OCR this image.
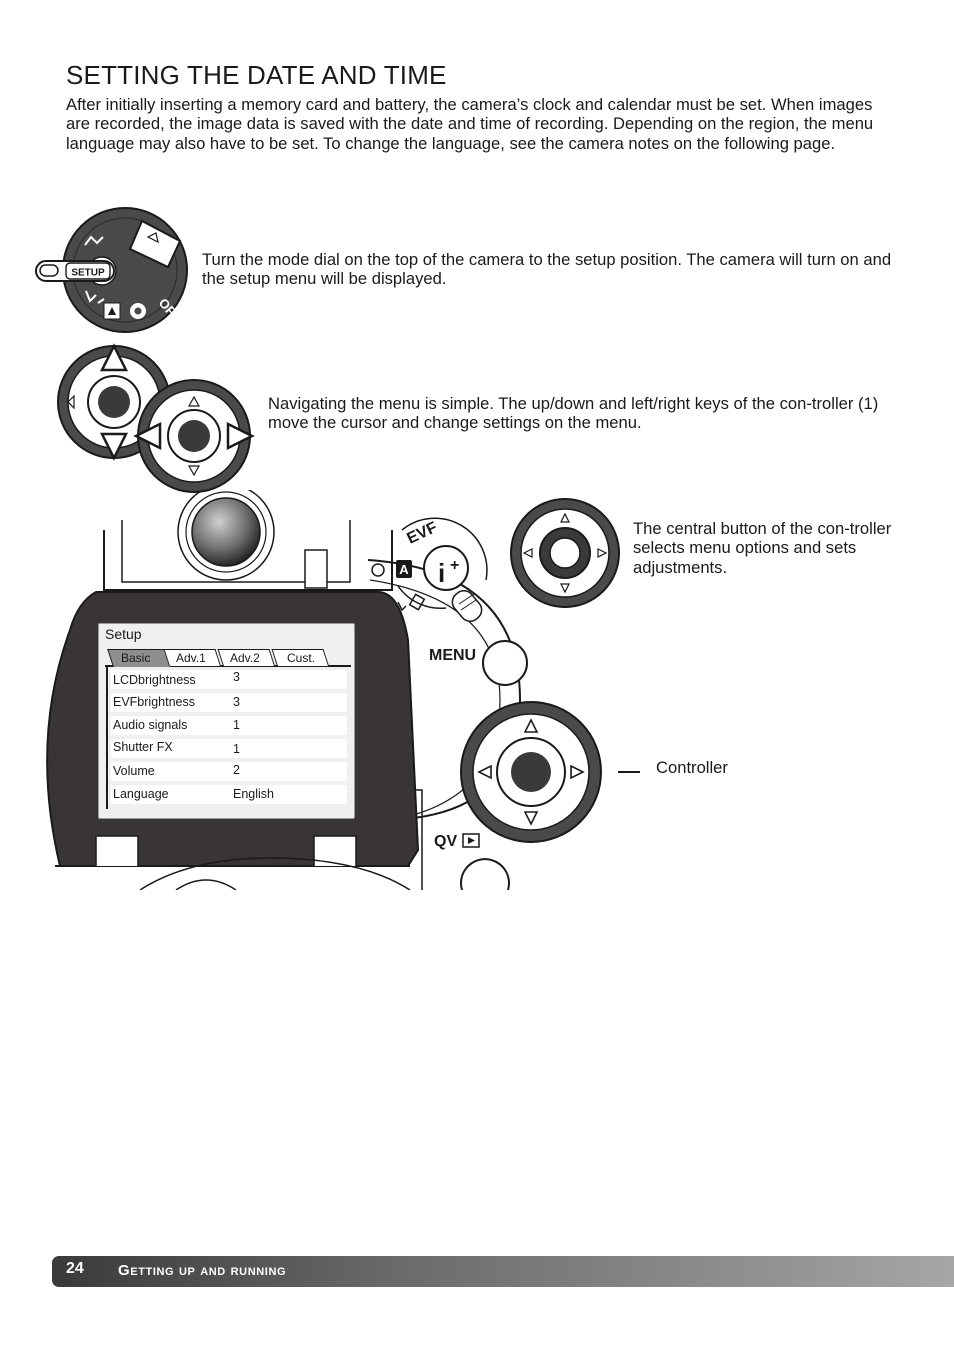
SETTING THE DATE AND TIME

After initially inserting a memory card and battery, the camera’s clock and calendar must be set. When images are recorded, the image data is saved with the date and time of recording. Depending on the region, the menu language may also have to be set. To change the language, see the camera notes on the following page.

SETUP
OFF

Turn the mode dial on the top of the camera to the setup position. The camera will turn on and the setup menu will be displayed.

Navigating the menu is simple. The up/down and left/right keys of the con-troller (1) move the cursor and change settings on the menu.

EVF
A i +
MENU
QV

The central button of the con-troller selects menu options and sets adjustments.

Controller

Setup
Basic Adv.1 Adv.2 Cust.
LCDbrightness	3
EVFbrightness	3
Audio signals	1
Shutter FX	1
Volume	2
Language	English
24 Getting up and running
